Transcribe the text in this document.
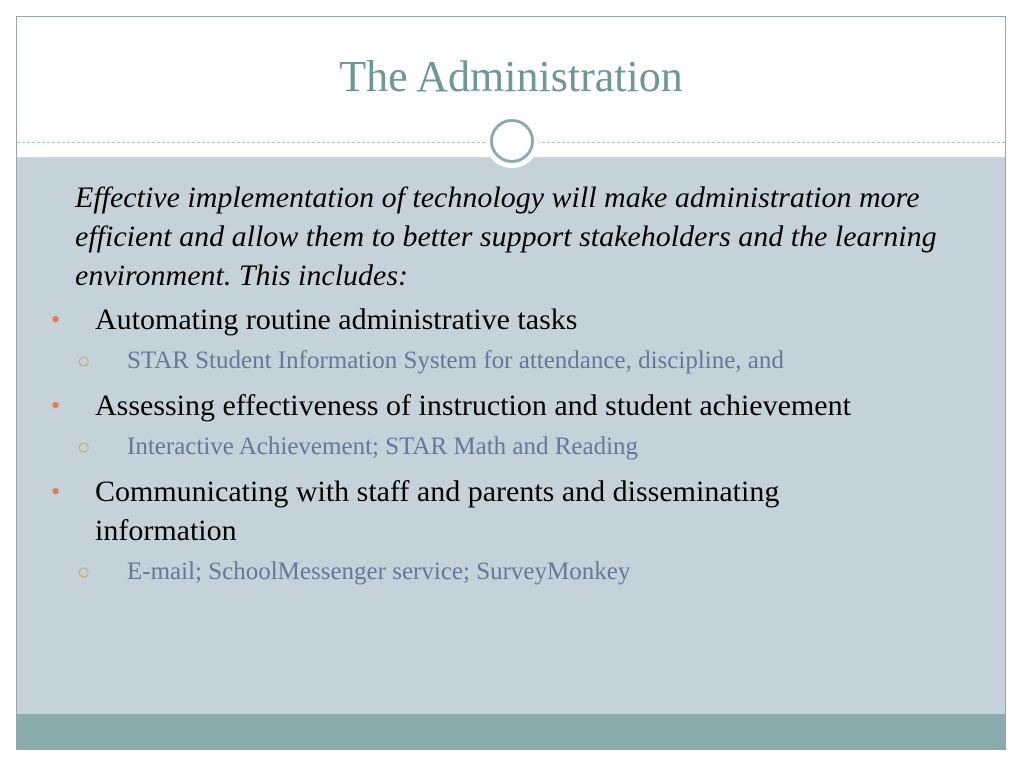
The Administration

Effective implementation of technology will make administration more efficient and allow them to better support stakeholders and the learning environment. This includes:

• Automating routine administrative tasks
○ STAR Student Information System for attendance, discipline, and
• Assessing effectiveness of instruction and student achievement
○ Interactive Achievement; STAR Math and Reading
• Communicating with staff and parents and disseminating information
○ E-mail; SchoolMessenger service; SurveyMonkey
